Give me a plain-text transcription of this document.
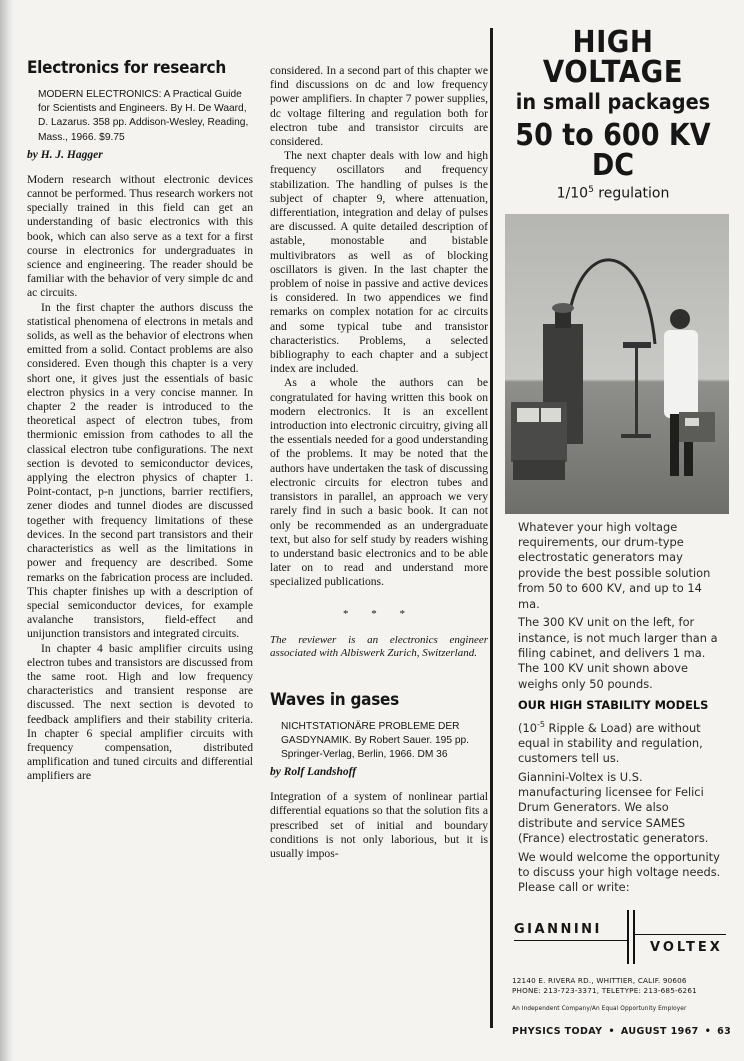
Electronics for research

MODERN ELECTRONICS: A Practical Guide for Scientists and Engineers. By H. De Waard, D. Lazarus. 358 pp. Addison-Wesley, Reading, Mass., 1966. $9.75

by H. J. Hagger

Modern research without electronic devices cannot be performed. Thus research workers not specially trained in this field can get an understanding of basic electronics with this book, which can also serve as a text for a first course in electronics for undergraduates in science and engineering. The reader should be familiar with the behavior of very simple dc and ac circuits.

In the first chapter the authors discuss the statistical phenomena of electrons in metals and solids, as well as the behavior of electrons when emitted from a solid. Contact problems are also considered. Even though this chapter is a very short one, it gives just the essentials of basic electron physics in a very concise manner. In chapter 2 the reader is introduced to the theoretical aspect of electron tubes, from thermionic emission from cathodes to all the classical electron tube configurations. The next section is devoted to semiconductor devices, applying the electron physics of chapter 1. Point-contact, p-n junctions, barrier rectifiers, zener diodes and tunnel diodes are discussed together with frequency limitations of these devices. In the second part transistors and their characteristics as well as the limitations in power and frequency are described. Some remarks on the fabrication process are included. This chapter finishes up with a description of special semiconductor devices, for example avalanche transistors, field-effect and unijunction transistors and integrated circuits.

In chapter 4 basic amplifier circuits using electron tubes and transistors are discussed from the same root. High and low frequency characteristics and transient response are discussed. The next section is devoted to feedback amplifiers and their stability criteria. In chapter 6 special amplifier circuits with frequency compensation, distributed amplification and tuned circuits and differential amplifiers are

considered. In a second part of this chapter we find discussions on dc and low frequency power amplifiers. In chapter 7 power supplies, dc voltage filtering and regulation both for electron tube and transistor circuits are considered.

The next chapter deals with low and high frequency oscillators and frequency stabilization. The handling of pulses is the subject of chapter 9, where attenuation, differentiation, integration and delay of pulses are discussed. A quite detailed description of astable, monostable and bistable multivibrators as well as of blocking oscillators is given. In the last chapter the problem of noise in passive and active devices is considered. In two appendices we find remarks on complex notation for ac circuits and some typical tube and transistor characteristics. Problems, a selected bibliography to each chapter and a subject index are included.

As a whole the authors can be congratulated for having written this book on modern electronics. It is an excellent introduction into electronic circuitry, giving all the essentials needed for a good understanding of the problems. It may be noted that the authors have undertaken the task of discussing electronic circuits for electron tubes and transistors in parallel, an approach we very rarely find in such a basic book. It can not only be recommended as an undergraduate text, but also for self study by readers wishing to understand basic electronics and to be able later on to read and understand more specialized publications.

* * *

The reviewer is an electronics engineer associated with Albiswerk Zurich, Switzerland.

Waves in gases

NICHTSTATIONÄRE PROBLEME DER GASDYNAMIK. By Robert Sauer. 195 pp. Springer-Verlag, Berlin, 1966. DM 36

by Rolf Landshoff

Integration of a system of nonlinear partial differential equations so that the solution fits a prescribed set of initial and boundary conditions is not only laborious, but it is usually impos-

HIGH VOLTAGE
in small packages
50 to 600 KV DC
$1/10^5$ regulation

Whatever your high voltage requirements, our drum-type electrostatic generators may provide the best possible solution from 50 to 600 KV, and up to 14 ma.

The 300 KV unit on the left, for instance, is not much larger than a filing cabinet, and delivers 1 ma. The 100 KV unit shown above weighs only 50 pounds.

OUR HIGH STABILITY MODELS

($10^{-5}$ Ripple & Load) are without equal in stability and regulation, customers tell us.

Giannini-Voltex is U.S. manufacturing licensee for Felici Drum Generators. We also distribute and service SAMES (France) electrostatic generators.

We would welcome the opportunity to discuss your high voltage needs. Please call or write:

GIANNINI
VOLTEX
12140 E. RIVERA RD., WHITTIER, CALIF. 90606
PHONE: 213-723-3371, TELETYPE: 213-685-6261
An Independent Company/An Equal Opportunity Employer
PHYSICS TODAY • AUGUST 1967 • 63
